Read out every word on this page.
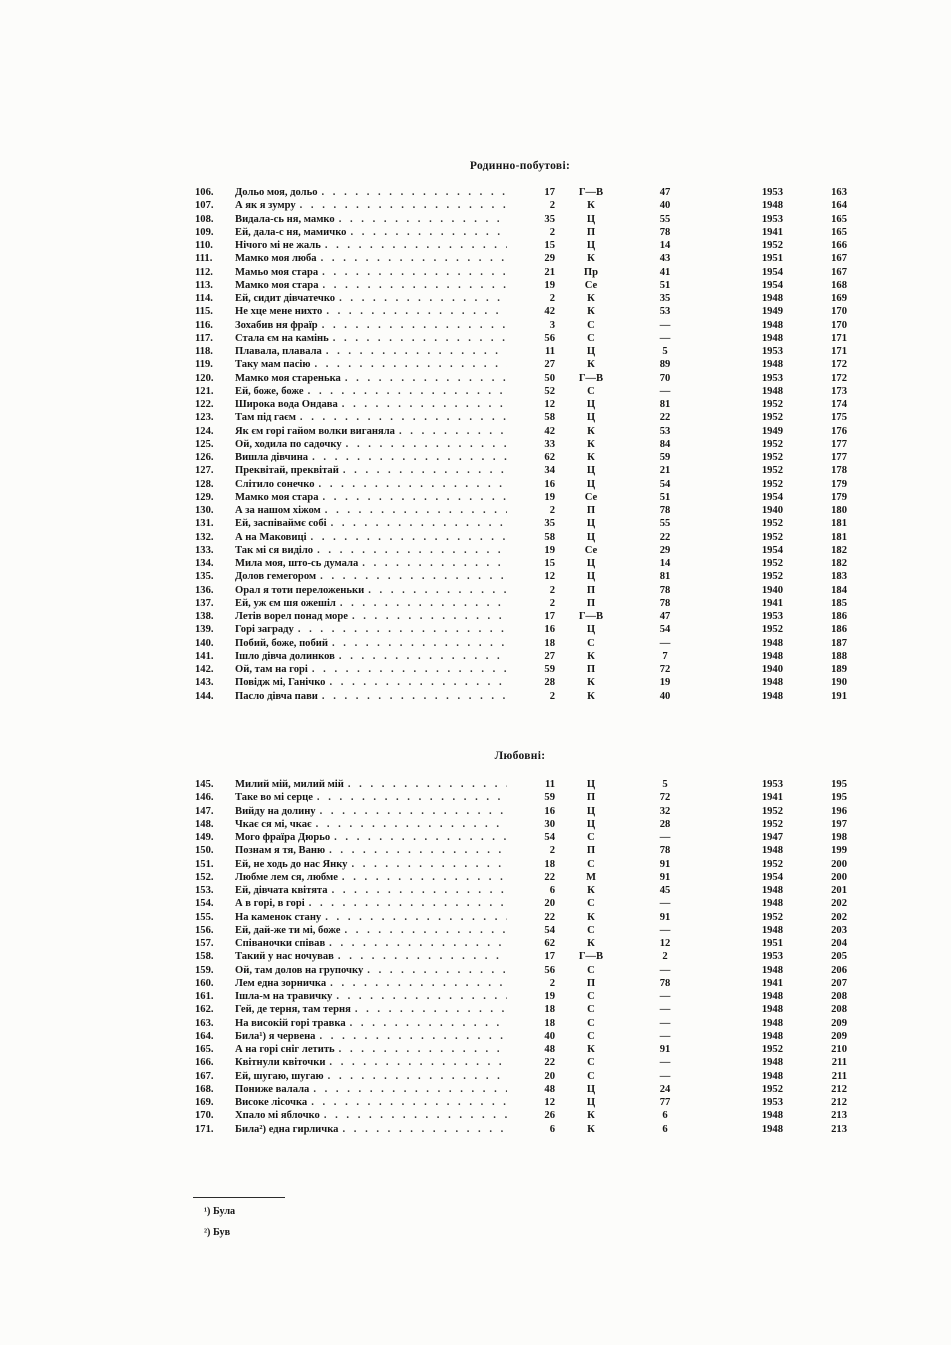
Родинно-побутові:
106.	Дольо моя, дольо . . .	17	Г—В	47	1953	163
107.	А як я зумру . . .	2	К	40	1948	164
108.	Видала-сь ня, мамко . . .	35	Ц	55	1953	165
109.	Ей, дала-с ня, мамичко . . .	2	П	78	1941	165
110.	Нічого мі не жаль . . .	15	Ц	14	1952	166
111.	Мамко моя люба . . .	29	К	43	1951	167
112.	Мамьо моя стара . . .	21	Пр	41	1954	167
113.	Мамко моя стара . . .	19	Се	51	1954	168
114.	Ей, сидит дівчатечко . . .	2	К	35	1948	169
115.	Не хце мене нихто . . .	42	К	53	1949	170
116.	Зохабив ня фраїр . . .	3	С	—	1948	170
117.	Стала єм на камінь . . .	56	С	—	1948	171
118.	Плавала, плавала . . .	11	Ц	5	1953	171
119.	Таку мам пасію . . .	27	К	89	1948	172
120.	Мамко моя старенька . . .	50	Г—В	70	1953	172
121.	Ей, боже, боже . . .	52	С	—	1948	173
122.	Широка вода Ондава . . .	12	Ц	81	1952	174
123.	Там під гаєм . . .	58	Ц	22	1952	175
124.	Як єм горі гайом волки виганяла . . .	42	К	53	1949	176
125.	Ой, ходила по садочку . . .	33	К	84	1952	177
126.	Вишла дівчина . . .	62	К	59	1952	177
127.	Преквітай, преквітай . . .	34	Ц	21	1952	178
128.	Слітило сонечко . . .	16	Ц	54	1952	179
129.	Мамко моя стара . . .	19	Се	51	1954	179
130.	А за нашом хіжом . . .	2	П	78	1940	180
131.	Ей, заспіваймє собі . . .	35	Ц	55	1952	181
132.	А на Маковиці . . .	58	Ц	22	1952	181
133.	Так мі ся виділо . . .	19	Се	29	1954	182
134.	Мила моя, што-сь думала . . .	15	Ц	14	1952	182
135.	Долов гемегором . . .	12	Ц	81	1952	183
136.	Орал я тоти переложеньки . . .	2	П	78	1940	184
137.	Ей, уж єм шя ожешіл . . .	2	П	78	1941	185
138.	Летів ворел понад море . . .	17	Г—В	47	1953	186
139.	Горі заграду . . .	16	Ц	54	1952	186
140.	Побий, боже, побий . . .	18	С	—	1948	187
141.	Ішло дівча долинков . . .	27	К	7	1948	188
142.	Ой, там на горі . . .	59	П	72	1940	189
143.	Повідж мі, Ганічко . . .	28	К	19	1948	190
144.	Пасло дівча пави . . .	2	К	40	1948	191
Любовні:
145.	Милий мій, милий мій . . .	11	Ц	5	1953	195
146.	Таке во мі серце . . .	59	П	72	1941	195
147.	Вийду на долину . . .	16	Ц	32	1952	196
148.	Чкає ся мі, чкає . . .	30	Ц	28	1952	197
149.	Мого фраїра Дюрьо . . .	54	С	—	1947	198
150.	Познам я тя, Ваню . . .	2	П	78	1948	199
151.	Ей, не ходь до нас Янку . . .	18	С	91	1952	200
152.	Любме лем ся, любме . . .	22	М	91	1954	200
153.	Ей, дівчата квітята . . .	6	К	45	1948	201
154.	А в горі, в горі . . .	20	С	—	1948	202
155.	На каменок стану . . .	22	К	91	1952	202
156.	Ей, дай-же ти мі, боже . . .	54	С	—	1948	203
157.	Співаночки співав . . .	62	К	12	1951	204
158.	Такий у нас ночував . . .	17	Г—В	2	1953	205
159.	Ой, там долов на групочку . . .	56	С	—	1948	206
160.	Лем една зорничка . . .	2	П	78	1941	207
161.	Ішла-м на травичку . . .	19	С	—	1948	208
162.	Гей, де терня, там терня . . .	18	С	—	1948	208
163.	На високій горі травка . . .	18	С	—	1948	209
164.	Била¹) я червена . . .	40	С	—	1948	209
165.	А на горі сніг летить . . .	48	К	91	1952	210
166.	Квітнули квіточки . . .	22	С	—	1948	211
167.	Ей, шугаю, шугаю . . .	20	С	—	1948	211
168.	Пониже валала . . .	48	Ц	24	1952	212
169.	Високе лісочка . . .	12	Ц	77	1953	212
170.	Хпало мі яблочко . . .	26	К	6	1948	213
171.	Била²) една гирличка . . .	6	К	6	1948	213
¹) Була
²) Був
